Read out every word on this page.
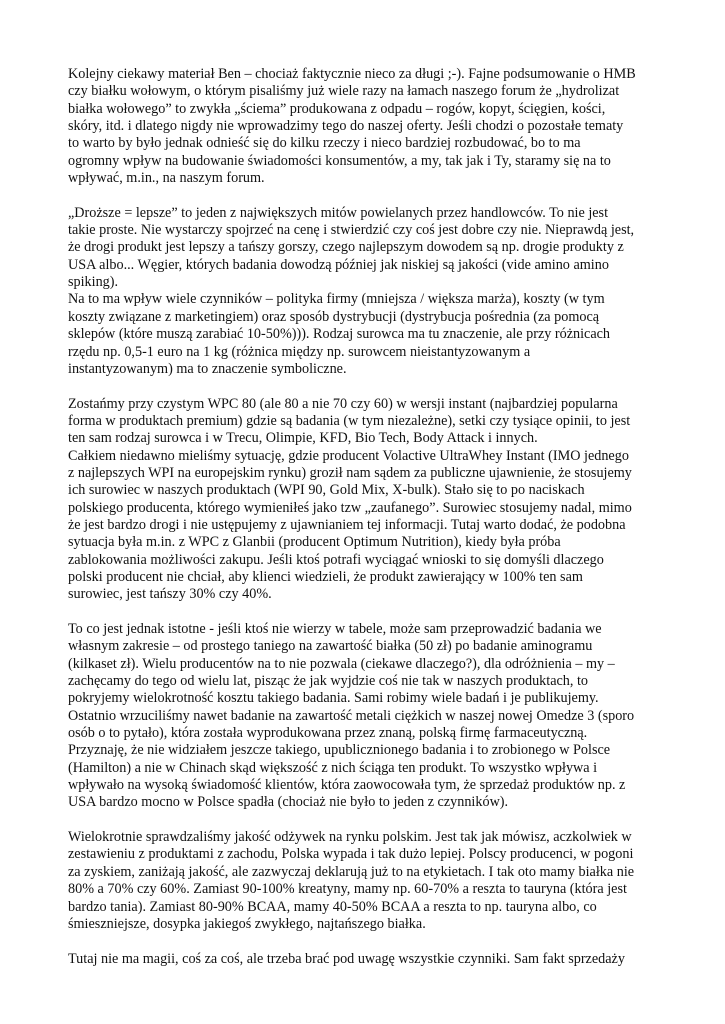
Kolejny ciekawy materiał Ben – chociaż faktycznie nieco za długi ;-). Fajne podsumowanie o HMB
czy białku wołowym, o którym pisaliśmy już wiele razy na łamach naszego forum że „hydrolizat
białka wołowego” to zwykła „ściema” produkowana z odpadu – rogów, kopyt, ścięgien, kości,
skóry, itd. i dlatego nigdy nie wprowadzimy tego do naszej oferty. Jeśli chodzi o pozostałe tematy
to warto by było jednak odnieść się do kilku rzeczy i nieco bardziej rozbudować, bo to ma
ogromny wpływ na budowanie świadomości konsumentów, a my, tak jak i Ty, staramy się na to
wpływać, m.in., na naszym forum.
„Droższe = lepsze” to jeden z największych mitów powielanych przez handlowców. To nie jest
takie proste. Nie wystarczy spojrzeć na cenę i stwierdzić czy coś jest dobre czy nie. Nieprawdą jest,
że drogi produkt jest lepszy a tańszy gorszy, czego najlepszym dowodem są np. drogie produkty z
USA albo... Węgier, których badania dowodzą później jak niskiej są jakości (vide amino amino
spiking).
Na to ma wpływ wiele czynników – polityka firmy (mniejsza / większa marża), koszty (w tym
koszty związane z marketingiem) oraz sposób dystrybucji (dystrybucja pośrednia (za pomocą
sklepów (które muszą zarabiać 10-50%))). Rodzaj surowca ma tu znaczenie, ale przy różnicach
rzędu np. 0,5-1 euro na 1 kg (różnica między np. surowcem nieistantyzowanym a
instantyzowanym) ma to znaczenie symboliczne.
Zostańmy przy czystym WPC 80 (ale 80 a nie 70 czy 60) w wersji instant (najbardziej popularna
forma w produktach premium) gdzie są badania (w tym niezależne), setki czy tysiące opinii, to jest
ten sam rodzaj surowca i w Trecu, Olimpie, KFD, Bio Tech, Body Attack i innych.
Całkiem niedawno mieliśmy sytuację, gdzie producent Volactive UltraWhey Instant (IMO jednego
z najlepszych WPI na europejskim rynku) groził nam sądem za publiczne ujawnienie, że stosujemy
ich surowiec w naszych produktach (WPI 90, Gold Mix, X-bulk). Stało się to po naciskach
polskiego producenta, którego wymieniłeś jako tzw „zaufanego”. Surowiec stosujemy nadal, mimo
że jest bardzo drogi i nie ustępujemy z ujawnianiem tej informacji. Tutaj warto dodać, że podobna
sytuacja była m.in. z WPC z Glanbii (producent Optimum Nutrition), kiedy była próba
zablokowania możliwości zakupu. Jeśli ktoś potrafi wyciągać wnioski to się domyśli dlaczego
polski producent nie chciał, aby klienci wiedzieli, że produkt zawierający w 100% ten sam
surowiec, jest tańszy 30% czy 40%.
To co jest jednak istotne - jeśli ktoś nie wierzy w tabele, może sam przeprowadzić badania we
własnym zakresie – od prostego taniego na zawartość białka (50 zł) po badanie aminogramu
(kilkaset zł). Wielu producentów na to nie pozwala (ciekawe dlaczego?), dla odróżnienia – my –
zachęcamy do tego od wielu lat, pisząc że jak wyjdzie coś nie tak w naszych produktach, to
pokryjemy wielokrotność kosztu takiego badania. Sami robimy wiele badań i je publikujemy.
Ostatnio wrzuciliśmy nawet badanie na zawartość metali ciężkich w naszej nowej Omedze 3 (sporo
osób o to pytało), która została wyprodukowana przez znaną, polską firmę farmaceutyczną.
Przyznaję, że nie widziałem jeszcze takiego, upublicznionego badania i to zrobionego w Polsce
(Hamilton) a nie w Chinach skąd większość z nich ściąga ten produkt. To wszystko wpływa i
wpływało na wysoką świadomość klientów, która zaowocowała tym, że sprzedaż produktów np. z
USA bardzo mocno w Polsce spadła (chociaż nie było to jeden z czynników).
Wielokrotnie sprawdzaliśmy jakość odżywek na rynku polskim. Jest tak jak mówisz, aczkolwiek w
zestawieniu z produktami z zachodu, Polska wypada i tak dużo lepiej. Polscy producenci, w pogoni
za zyskiem, zaniżają jakość, ale zazwyczaj deklarują już to na etykietach. I tak oto mamy białka nie
80% a 70% czy 60%. Zamiast 90-100% kreatyny, mamy np. 60-70% a reszta to tauryna (która jest
bardzo tania). Zamiast 80-90% BCAA, mamy 40-50% BCAA a reszta to np. tauryna albo, co
śmieszniejsze, dosypka jakiegoś zwykłego, najtańszego białka.
Tutaj nie ma magii, coś za coś, ale trzeba brać pod uwagę wszystkie czynniki. Sam fakt sprzedaży
